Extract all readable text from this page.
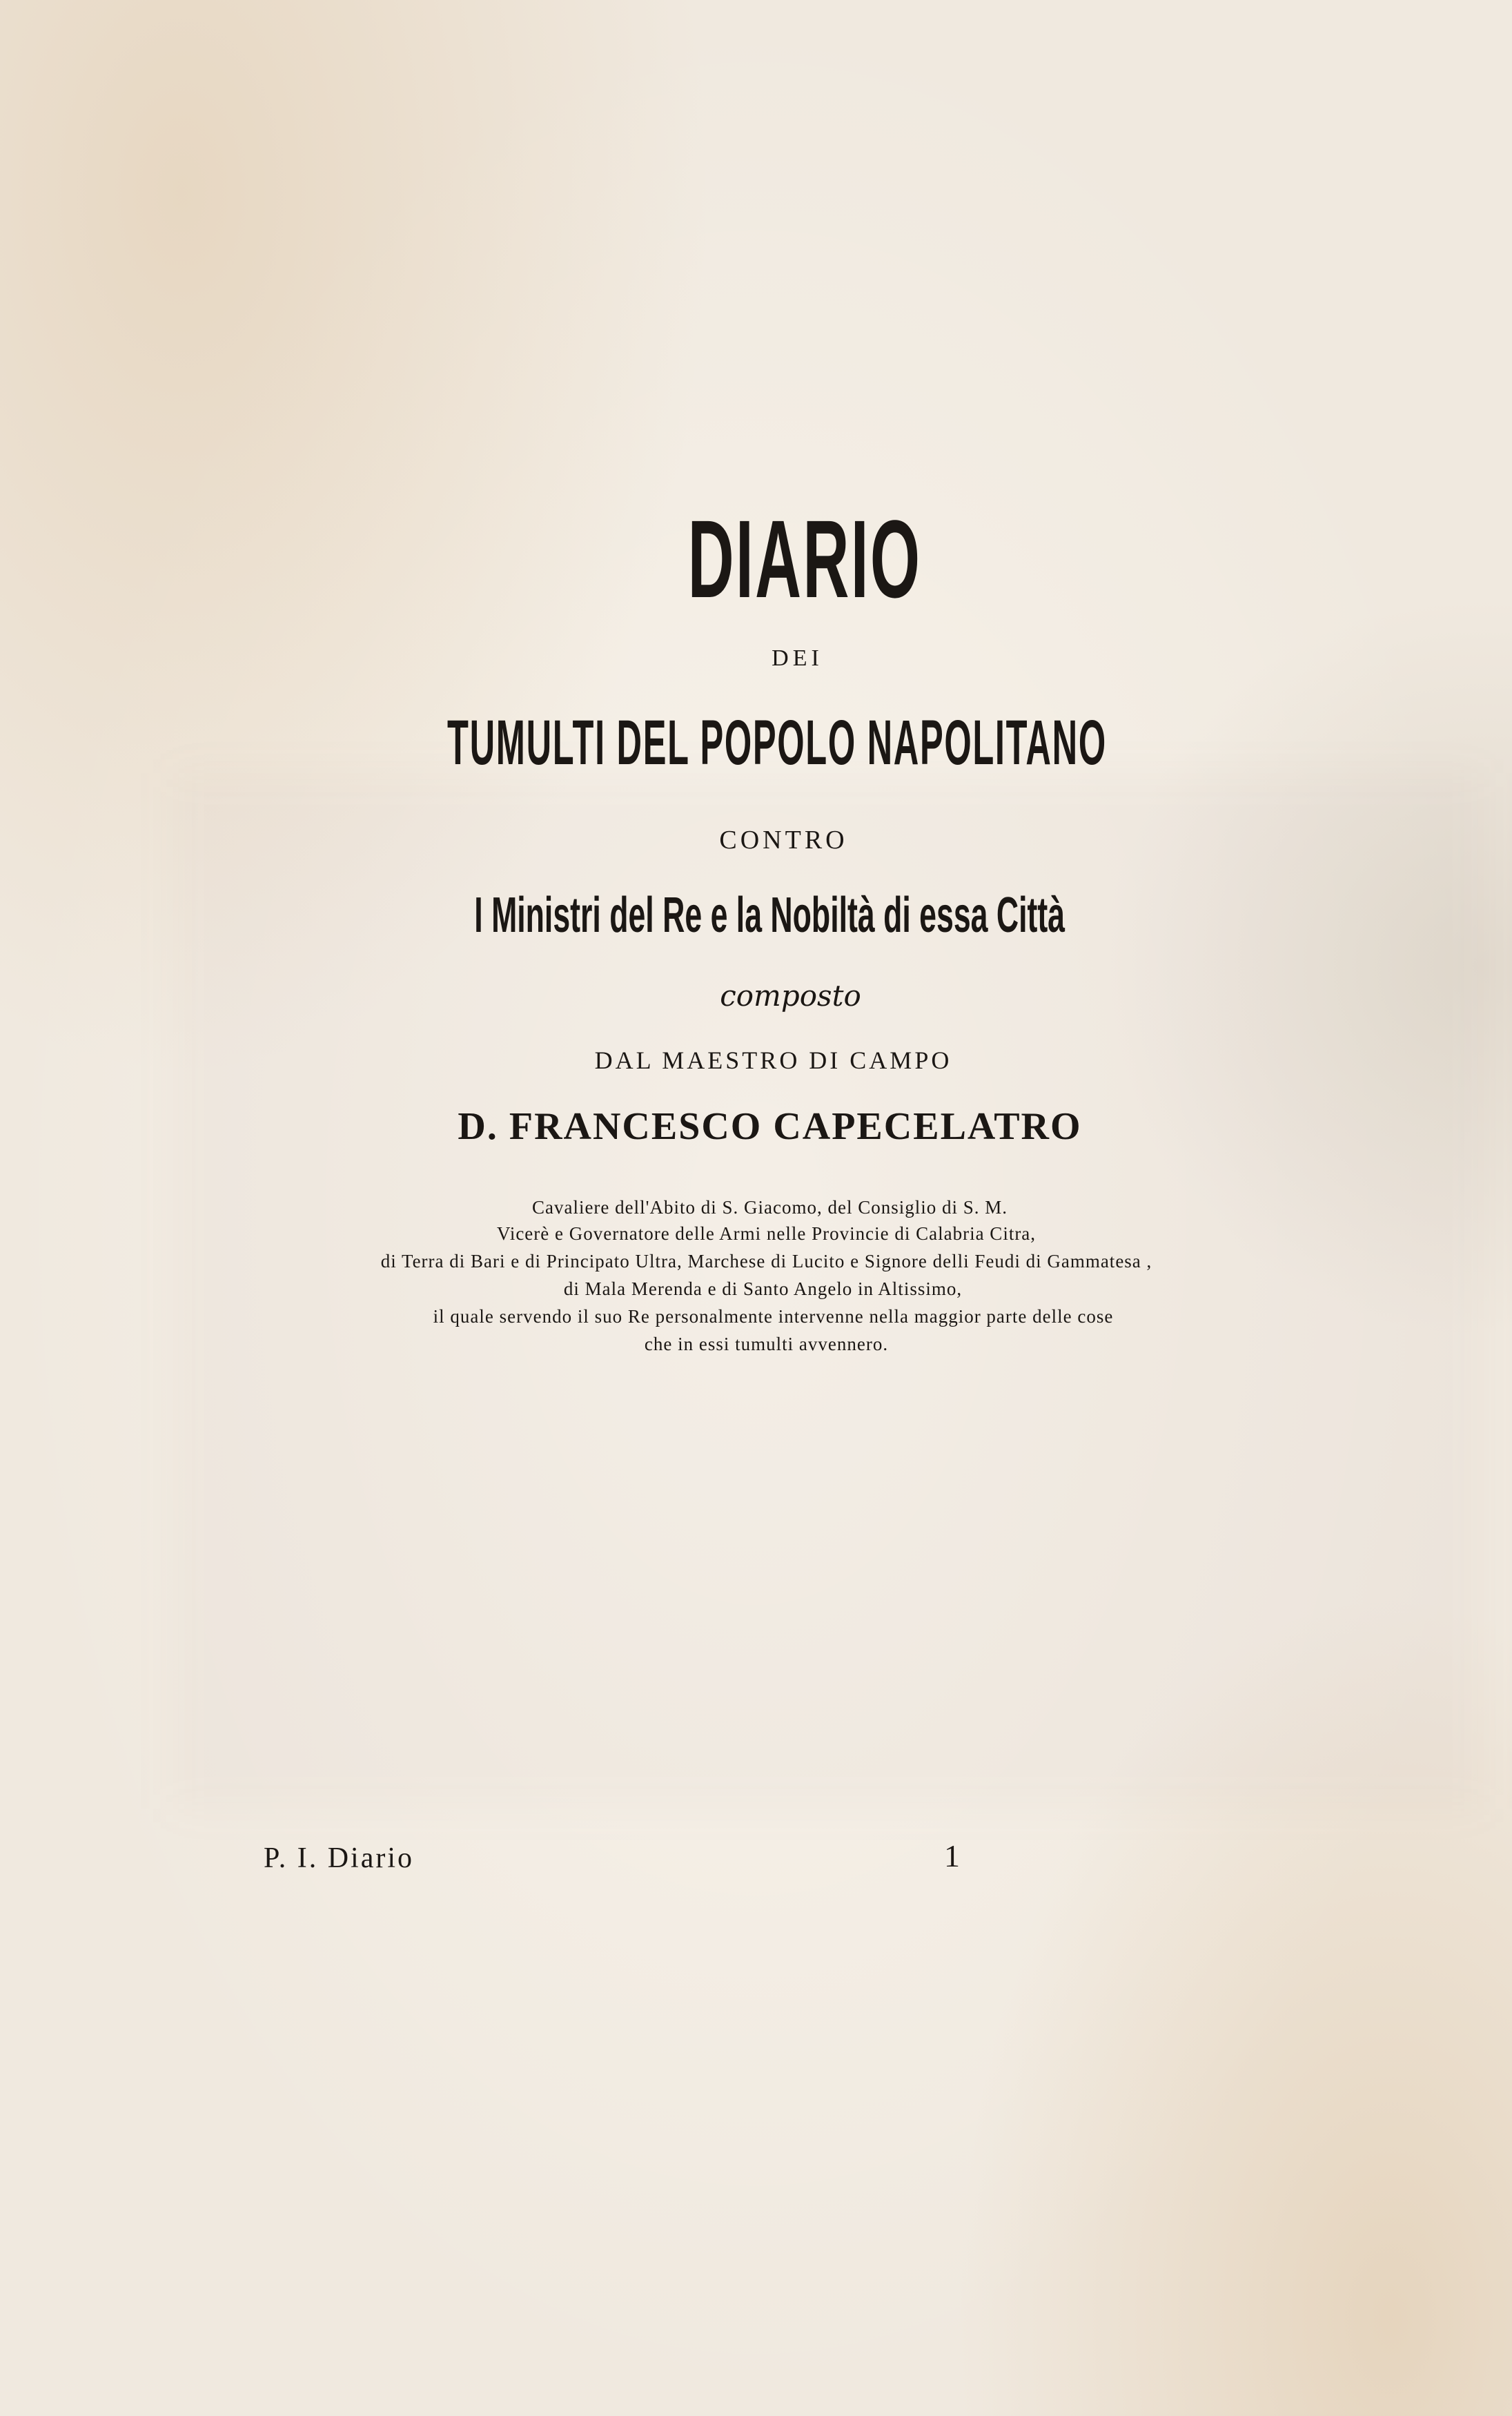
DIARIO

DEI

TUMULTI DEL POPOLO NAPOLITANO

CONTRO

I Ministri del Re e la Nobiltà di essa Città

composto

DAL MAESTRO DI CAMPO

D. FRANCESCO CAPECELATRO

Cavaliere dell'Abito di S. Giacomo, del Consiglio di S. M.

Vicerè e Governatore delle Armi nelle Provincie di Calabria Citra,

di Terra di Bari e di Principato Ultra, Marchese di Lucito e Signore delli Feudi di Gammatesa ,

di Mala Merenda e di Santo Angelo in Altissimo,

il quale servendo il suo Re personalmente intervenne nella maggior parte delle cose

che in essi tumulti avvennero.

P. I. Diario	1
